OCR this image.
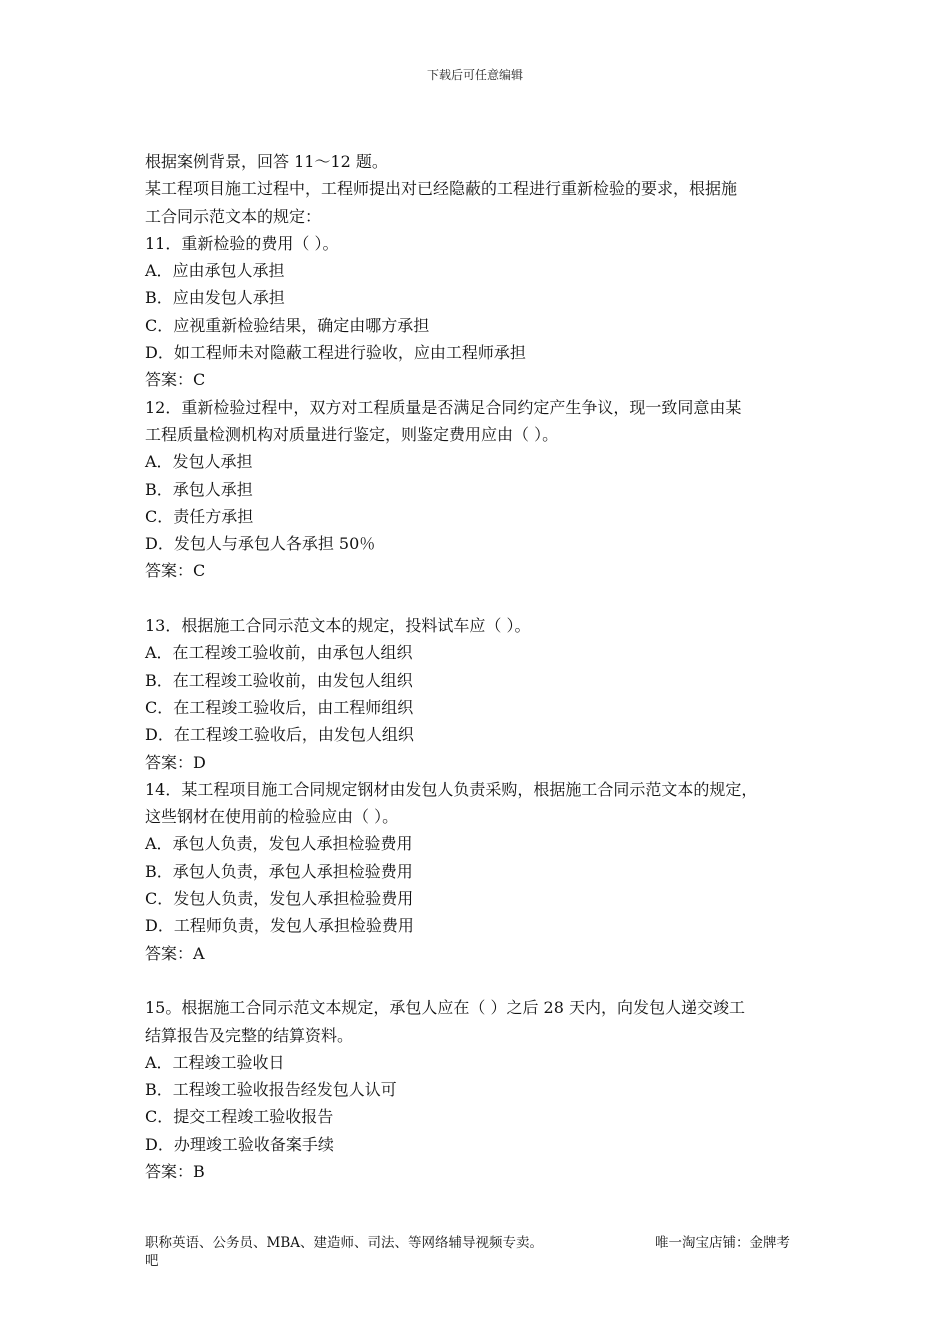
下载后可任意编辑
根据案例背景，回答 11～12 题。
某工程项目施工过程中，工程师提出对已经隐蔽的工程进行重新检验的要求，根据施
工合同示范文本的规定：
11．重新检验的费用（ ）。
A．应由承包人承担
B．应由发包人承担
C．应视重新检验结果，确定由哪方承担
D．如工程师未对隐蔽工程进行验收，应由工程师承担
答案：C
12．重新检验过程中，双方对工程质量是否满足合同约定产生争议，现一致同意由某
工程质量检测机构对质量进行鉴定，则鉴定费用应由（ ）。
A．发包人承担
B．承包人承担
C．责任方承担
D．发包人与承包人各承担 50％
答案：C
13．根据施工合同示范文本的规定，投料试车应（ ）。
A．在工程竣工验收前，由承包人组织
B．在工程竣工验收前，由发包人组织
C．在工程竣工验收后，由工程师组织
D．在工程竣工验收后，由发包人组织
答案：D
14．某工程项目施工合同规定钢材由发包人负责采购，根据施工合同示范文本的规定，
这些钢材在使用前的检验应由（ ）。
A．承包人负责，发包人承担检验费用
B．承包人负责，承包人承担检验费用
C．发包人负责，发包人承担检验费用
D．工程师负责，发包人承担检验费用
答案：A
15。根据施工合同示范文本规定，承包人应在（ ）之后 28 天内，向发包人递交竣工
结算报告及完整的结算资料。
A．工程竣工验收日
B．工程竣工验收报告经发包人认可
C．提交工程竣工验收报告
D．办理竣工验收备案手续
答案：B
职称英语、公务员、MBA、建造师、司法、等网络辅导视频专卖。	唯一淘宝店铺：金牌考
吧
